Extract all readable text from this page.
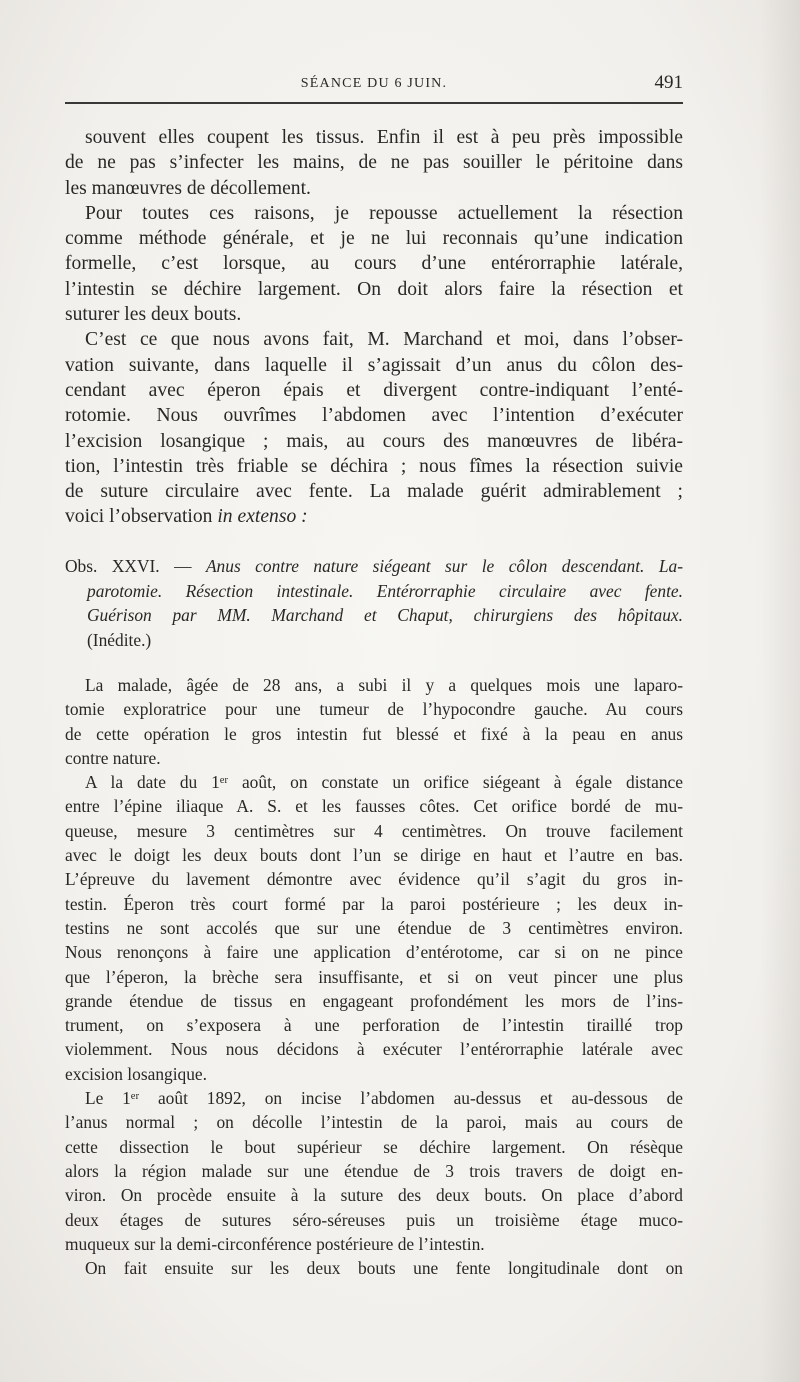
SÉANCE DU 6 JUIN.	491
souvent elles coupent les tissus. Enfin il est à peu près impossible
de ne pas s’infecter les mains, de ne pas souiller le péritoine dans
les manœuvres de décollement.
Pour toutes ces raisons, je repousse actuellement la résection
comme méthode générale, et je ne lui reconnais qu’une indication
formelle, c’est lorsque, au cours d’une entérorraphie latérale,
l’intestin se déchire largement. On doit alors faire la résection et
suturer les deux bouts.
C’est ce que nous avons fait, M. Marchand et moi, dans l’obser-
vation suivante, dans laquelle il s’agissait d’un anus du côlon des-
cendant avec éperon épais et divergent contre-indiquant l’enté-
rotomie. Nous ouvrîmes l’abdomen avec l’intention d’exécuter
l’excision losangique ; mais, au cours des manœuvres de libéra-
tion, l’intestin très friable se déchira ; nous fîmes la résection suivie
de suture circulaire avec fente. La malade guérit admirablement ;
voici l’observation in extenso :
Obs. XXVI. — Anus contre nature siégeant sur le côlon descendant. La-
parotomie. Résection intestinale. Entérorraphie circulaire avec fente.
Guérison par MM. Marchand et Chaput, chirurgiens des hôpitaux.
(Inédite.)
La malade, âgée de 28 ans, a subi il y a quelques mois une laparo-
tomie exploratrice pour une tumeur de l’hypocondre gauche. Au cours
de cette opération le gros intestin fut blessé et fixé à la peau en anus
contre nature.
A la date du 1ᵉʳ août, on constate un orifice siégeant à égale distance
entre l’épine iliaque A. S. et les fausses côtes. Cet orifice bordé de mu-
queuse, mesure 3 centimètres sur 4 centimètres. On trouve facilement
avec le doigt les deux bouts dont l’un se dirige en haut et l’autre en bas.
L’épreuve du lavement démontre avec évidence qu’il s’agit du gros in-
testin. Éperon très court formé par la paroi postérieure ; les deux in-
testins ne sont accolés que sur une étendue de 3 centimètres environ.
Nous renonçons à faire une application d’entérotome, car si on ne pince
que l’éperon, la brèche sera insuffisante, et si on veut pincer une plus
grande étendue de tissus en engageant profondément les mors de l’ins-
trument, on s’exposera à une perforation de l’intestin tiraillé trop
violemment. Nous nous décidons à exécuter l’entérorraphie latérale avec
excision losangique.
Le 1ᵉʳ août 1892, on incise l’abdomen au-dessus et au-dessous de
l’anus normal ; on décolle l’intestin de la paroi, mais au cours de
cette dissection le bout supérieur se déchire largement. On résèque
alors la région malade sur une étendue de 3 trois travers de doigt en-
viron. On procède ensuite à la suture des deux bouts. On place d’abord
deux étages de sutures séro-séreuses puis un troisième étage muco-
muqueux sur la demi-circonférence postérieure de l’intestin.
On fait ensuite sur les deux bouts une fente longitudinale dont on
